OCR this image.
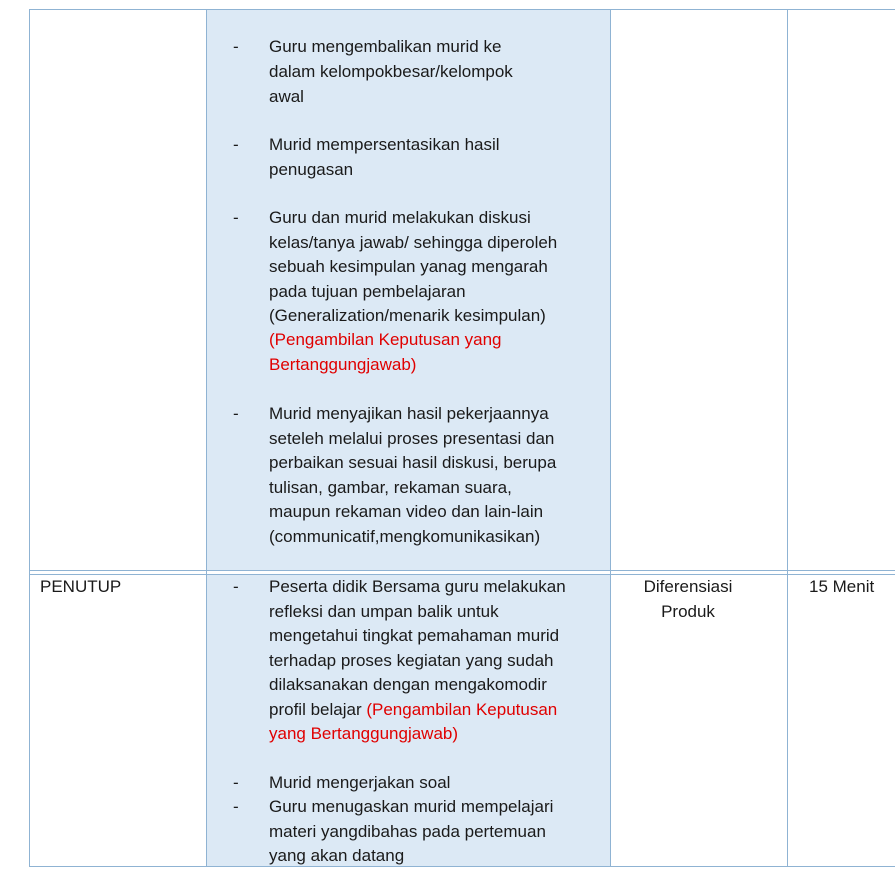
- Guru mengembalikan murid ke
dalam kelompokbesar/kelompok
awal
- Murid mempersentasikan hasil
penugasan
- Guru dan murid melakukan diskusi
kelas/tanya jawab/ sehingga diperoleh
sebuah kesimpulan yanag mengarah
pada tujuan pembelajaran
(Generalization/menarik kesimpulan)
(Pengambilan Keputusan yang
Bertanggungjawab)
- Murid menyajikan hasil pekerjaannya
seteleh melalui proses presentasi dan
perbaikan sesuai hasil diskusi, berupa
tulisan, gambar, rekaman suara,
maupun rekaman video dan lain-lain
(communicatif,mengkomunikasikan)
PENUTUP	- Peserta didik Bersama guru melakukan
refleksi dan umpan balik untuk
mengetahui tingkat pemahaman murid
terhadap proses kegiatan yang sudah
dilaksanakan dengan mengakomodir
profil belajar (Pengambilan Keputusan
yang Bertanggungjawab)
- Murid mengerjakan soal
- Guru menugaskan murid mempelajari
materi yangdibahas pada pertemuan
yang akan datang
Diferensiasi
Produk
15 Menit
